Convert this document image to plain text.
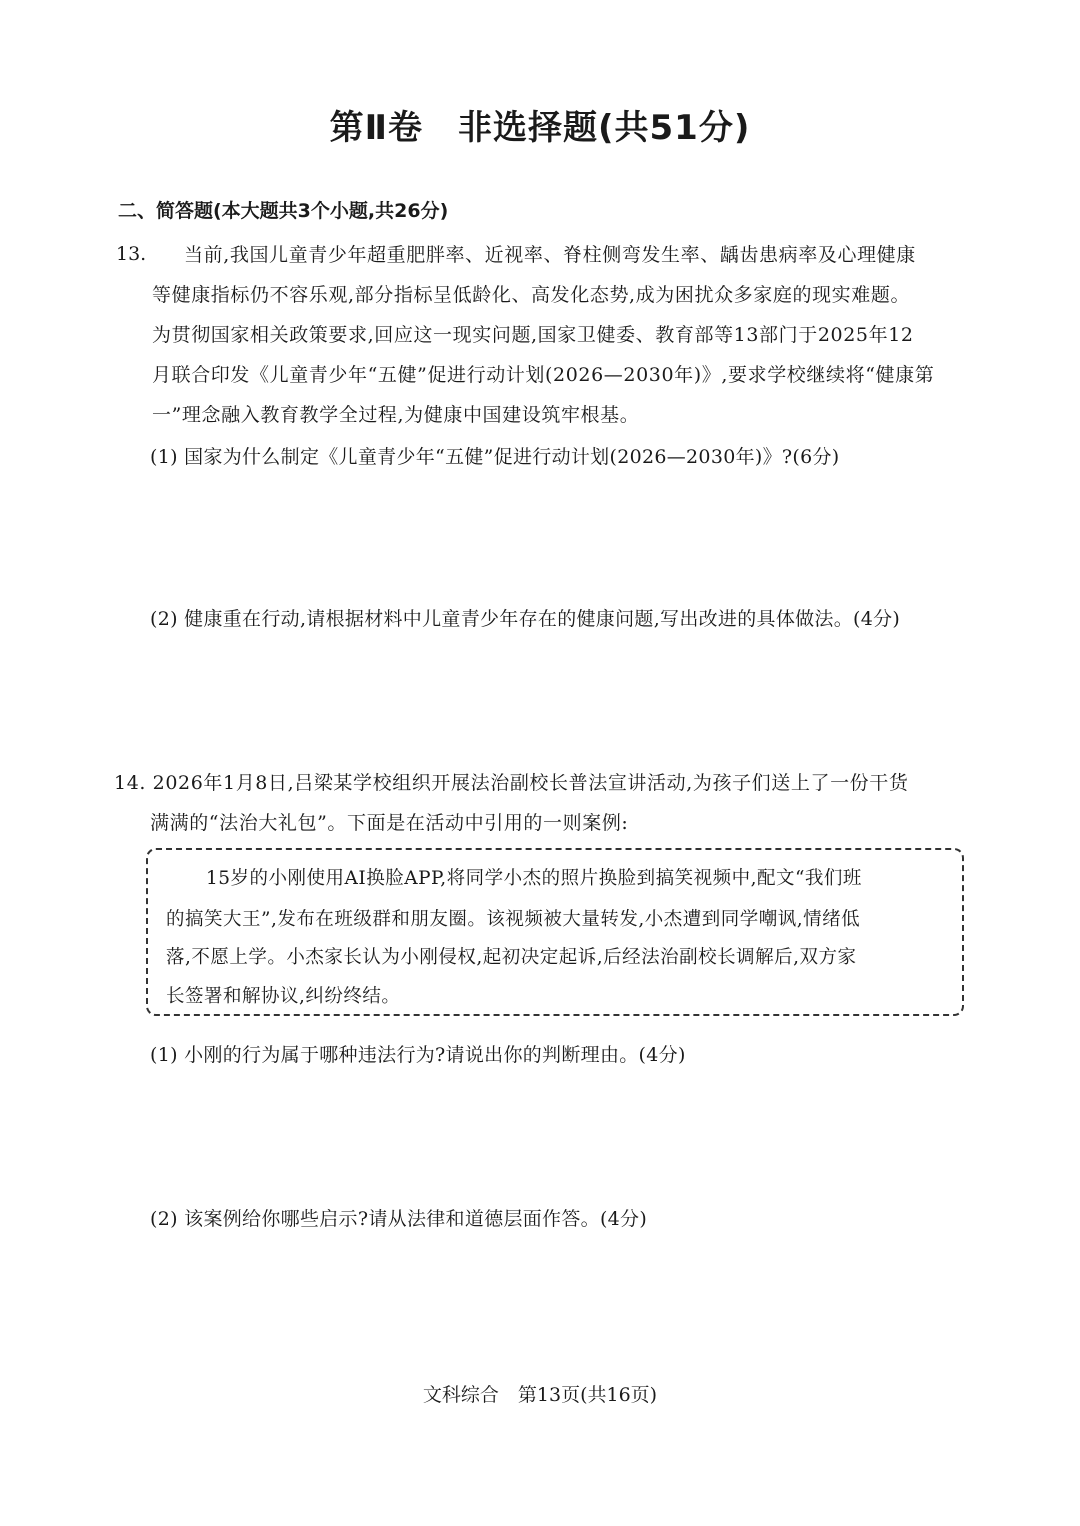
第Ⅱ卷　非选择题(共51分)
二、简答题(本大题共3个小题,共26分)
13. 当前,我国儿童青少年超重肥胖率、近视率、脊柱侧弯发生率、龋齿患病率及心理健康
等健康指标仍不容乐观,部分指标呈低龄化、高发化态势,成为困扰众多家庭的现实难题。
为贯彻国家相关政策要求,回应这一现实问题,国家卫健委、教育部等13部门于2025年12
月联合印发《儿童青少年“五健”促进行动计划(2026—2030年)》,要求学校继续将“健康第
一”理念融入教育教学全过程,为健康中国建设筑牢根基。
(1) 国家为什么制定《儿童青少年“五健”促进行动计划(2026—2030年)》?(6分)
(2) 健康重在行动,请根据材料中儿童青少年存在的健康问题,写出改进的具体做法。(4分)
14. 2026年1月8日,吕梁某学校组织开展法治副校长普法宣讲活动,为孩子们送上了一份干货
满满的“法治大礼包”。下面是在活动中引用的一则案例:
15岁的小刚使用AI换脸APP,将同学小杰的照片换脸到搞笑视频中,配文“我们班
的搞笑大王”,发布在班级群和朋友圈。该视频被大量转发,小杰遭到同学嘲讽,情绪低
落,不愿上学。小杰家长认为小刚侵权,起初决定起诉,后经法治副校长调解后,双方家
长签署和解协议,纠纷终结。
(1) 小刚的行为属于哪种违法行为?请说出你的判断理由。(4分)
(2) 该案例给你哪些启示?请从法律和道德层面作答。(4分)
文科综合　第13页(共16页)
